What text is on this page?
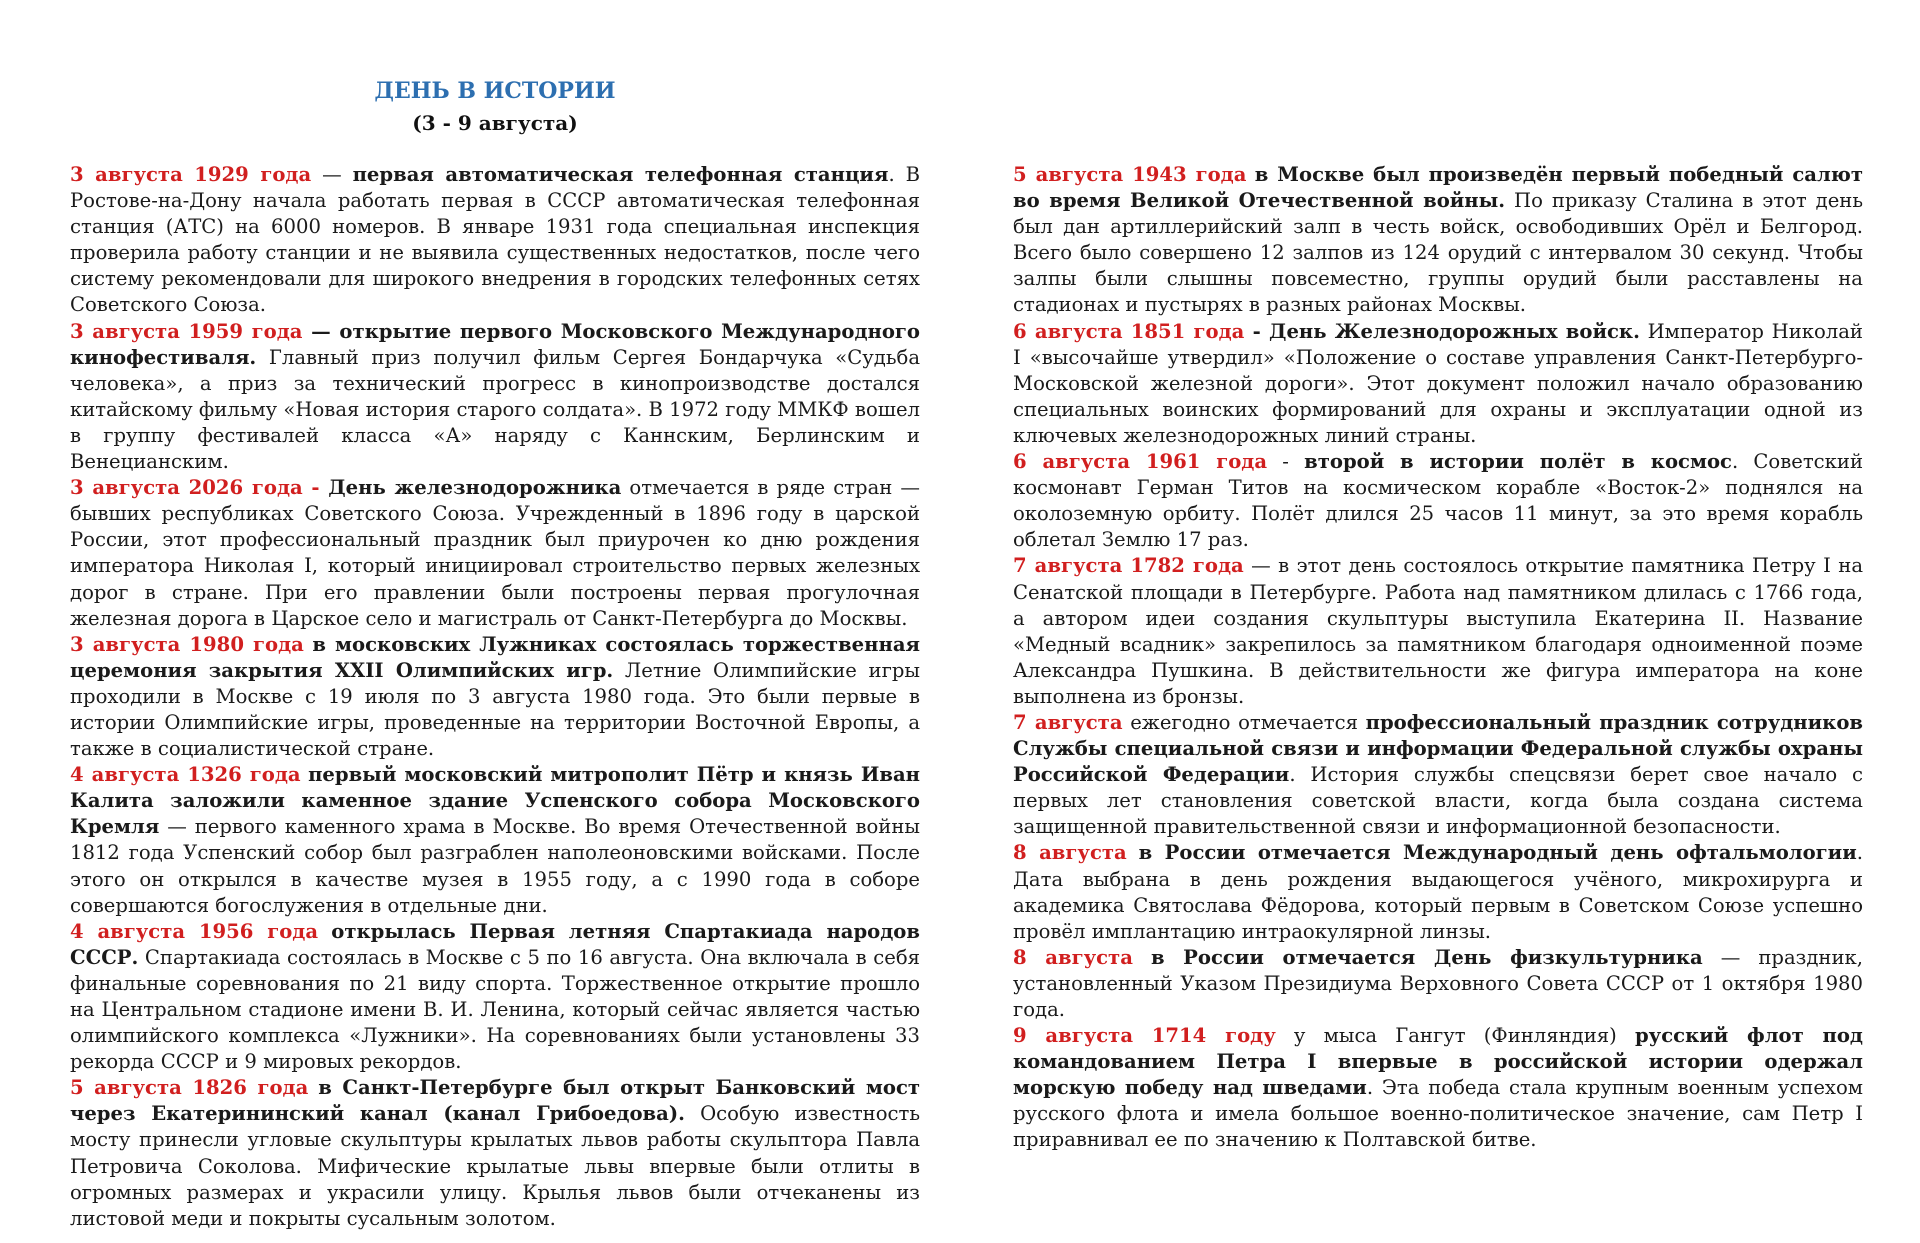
ДЕНЬ В ИСТОРИИ
(3 - 9 августа)

3 августа 1929 года — первая автоматическая телефонная станция. В Ростове-на-Дону начала работать первая в СССР автоматическая телефонная станция (АТС) на 6000 номеров. В январе 1931 года специальная инспекция проверила работу станции и не выявила существенных недостатков, после чего систему рекомендовали для широкого внедрения в городских телефонных сетях Советского Союза.

3 августа 1959 года — открытие первого Московского Международного кинофестиваля. Главный приз получил фильм Сергея Бондарчука «Судьба человека», а приз за технический прогресс в кинопроизводстве достался китайскому фильму «Новая история старого солдата». В 1972 году ММКФ вошел в группу фестивалей класса «А» наряду с Каннским, Берлинским и Венецианским.

3 августа 2026 года - День железнодорожника отмечается в ряде стран — бывших республиках Советского Союза. Учрежденный в 1896 году в царской России, этот профессиональный праздник был приурочен ко дню рождения императора Николая I, который инициировал строительство первых железных дорог в стране. При его правлении были построены первая прогулочная железная дорога в Царское село и магистраль от Санкт-Петербурга до Москвы.

3 августа 1980 года в московских Лужниках состоялась торжественная церемония закрытия XXII Олимпийских игр. Летние Олимпийские игры проходили в Москве с 19 июля по 3 августа 1980 года. Это были первые в истории Олимпийские игры, проведенные на территории Восточной Европы, а также в социалистической стране.

4 августа 1326 года первый московский митрополит Пётр и князь Иван Калита заложили каменное здание Успенского собора Московского Кремля — первого каменного храма в Москве. Во время Отечественной войны 1812 года Успенский собор был разграблен наполеоновскими войсками. После этого он открылся в качестве музея в 1955 году, а с 1990 года в соборе совершаются богослужения в отдельные дни.

4 августа 1956 года открылась Первая летняя Спартакиада народов СССР. Спартакиада состоялась в Москве с 5 по 16 августа. Она включала в себя финальные соревнования по 21 виду спорта. Торжественное открытие прошло на Центральном стадионе имени В. И. Ленина, который сейчас является частью олимпийского комплекса «Лужники». На соревнованиях были установлены 33 рекорда СССР и 9 мировых рекордов.

5 августа 1826 года в Санкт-Петербурге был открыт Банковский мост через Екатерининский канал (канал Грибоедова). Особую известность мосту принесли угловые скульптуры крылатых львов работы скульптора Павла Петровича Соколова. Мифические крылатые львы впервые были отлиты в огромных размерах и украсили улицу. Крылья львов были отчеканены из листовой меди и покрыты сусальным золотом.

5 августа 1943 года в Москве был произведён первый победный салют во время Великой Отечественной войны. По приказу Сталина в этот день был дан артиллерийский залп в честь войск, освободивших Орёл и Белгород. Всего было совершено 12 залпов из 124 орудий с интервалом 30 секунд. Чтобы залпы были слышны повсеместно, группы орудий были расставлены на стадионах и пустырях в разных районах Москвы.

6 августа 1851 года - День Железнодорожных войск. Император Николай I «высочайше утвердил» «Положение о составе управления Санкт-Петербурго-Московской железной дороги». Этот документ положил начало образованию специальных воинских формирований для охраны и эксплуатации одной из ключевых железнодорожных линий страны.

6 августа 1961 года - второй в истории полёт в космос. Советский космонавт Герман Титов на космическом корабле «Восток-2» поднялся на околоземную орбиту. Полёт длился 25 часов 11 минут, за это время корабль облетал Землю 17 раз.

7 августа 1782 года — в этот день состоялось открытие памятника Петру I на Сенатской площади в Петербурге. Работа над памятником длилась с 1766 года, а автором идеи создания скульптуры выступила Екатерина II. Название «Медный всадник» закрепилось за памятником благодаря одноименной поэме Александра Пушкина. В действительности же фигура императора на коне выполнена из бронзы.

7 августа ежегодно отмечается профессиональный праздник сотрудников Службы специальной связи и информации Федеральной службы охраны Российской Федерации. История службы спецсвязи берет свое начало с первых лет становления советской власти, когда была создана система защищенной правительственной связи и информационной безопасности.

8 августа в России отмечается Международный день офтальмологии. Дата выбрана в день рождения выдающегося учёного, микрохирурга и академика Святослава Фёдорова, который первым в Советском Союзе успешно провёл имплантацию интраокулярной линзы.

8 августа в России отмечается День физкультурника — праздник, установленный Указом Президиума Верховного Совета СССР от 1 октября 1980 года.

9 августа 1714 году у мыса Гангут (Финляндия) русский флот под командованием Петра I впервые в российской истории одержал морскую победу над шведами. Эта победа стала крупным военным успехом русского флота и имела большое военно-политическое значение, сам Петр I приравнивал ее по значению к Полтавской битве.
